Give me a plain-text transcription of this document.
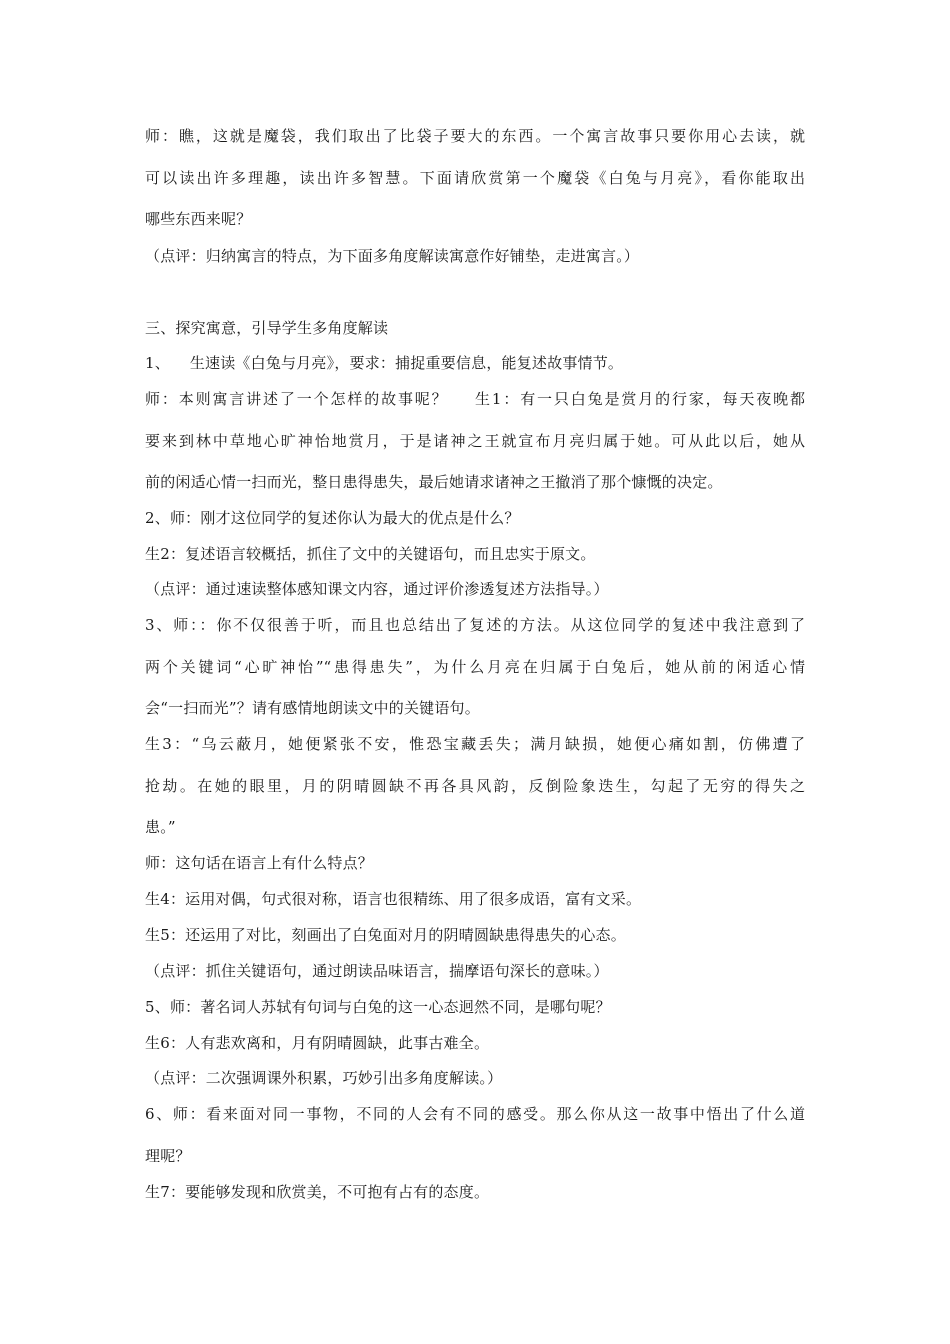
师：瞧，这就是魔袋，我们取出了比袋子要大的东西。一个寓言故事只要你用心去读，就
可以读出许多理趣，读出许多智慧。下面请欣赏第一个魔袋《白兔与月亮》，看你能取出
哪些东西来呢？
（点评：归纳寓言的特点，为下面多角度解读寓意作好铺垫，走进寓言。）
三、探究寓意，引导学生多角度解读
1、    生速读《白兔与月亮》，要求：捕捉重要信息，能复述故事情节。
师：本则寓言讲述了一个怎样的故事呢？    生1：有一只白兔是赏月的行家，每天夜晚都
要来到林中草地心旷神怡地赏月，于是诸神之王就宣布月亮归属于她。可从此以后，她从
前的闲适心情一扫而光，整日患得患失，最后她请求诸神之王撤消了那个慷慨的决定。
2、师：刚才这位同学的复述你认为最大的优点是什么？
生2：复述语言较概括，抓住了文中的关键语句，而且忠实于原文。
（点评：通过速读整体感知课文内容，通过评价渗透复述方法指导。）
3、师：：你不仅很善于听，而且也总结出了复述的方法。从这位同学的复述中我注意到了
两个关键词“心旷神怡”“患得患失”，为什么月亮在归属于白兔后，她从前的闲适心情
会“一扫而光”？请有感情地朗读文中的关键语句。
生3：“乌云蔽月，她便紧张不安，惟恐宝藏丢失；满月缺损，她便心痛如割，仿佛遭了
抢劫。在她的眼里，月的阴晴圆缺不再各具风韵，反倒险象迭生，勾起了无穷的得失之
患。”
师：这句话在语言上有什么特点？
生4：运用对偶，句式很对称，语言也很精练、用了很多成语，富有文采。
生5：还运用了对比，刻画出了白兔面对月的阴晴圆缺患得患失的心态。
（点评：抓住关键语句，通过朗读品味语言，揣摩语句深长的意味。）
5、师：著名词人苏轼有句词与白兔的这一心态迥然不同，是哪句呢？
生6：人有悲欢离和，月有阴晴圆缺，此事古难全。
（点评：二次强调课外积累，巧妙引出多角度解读。）
6、师：看来面对同一事物，不同的人会有不同的感受。那么你从这一故事中悟出了什么道
理呢？
生7：要能够发现和欣赏美，不可抱有占有的态度。
